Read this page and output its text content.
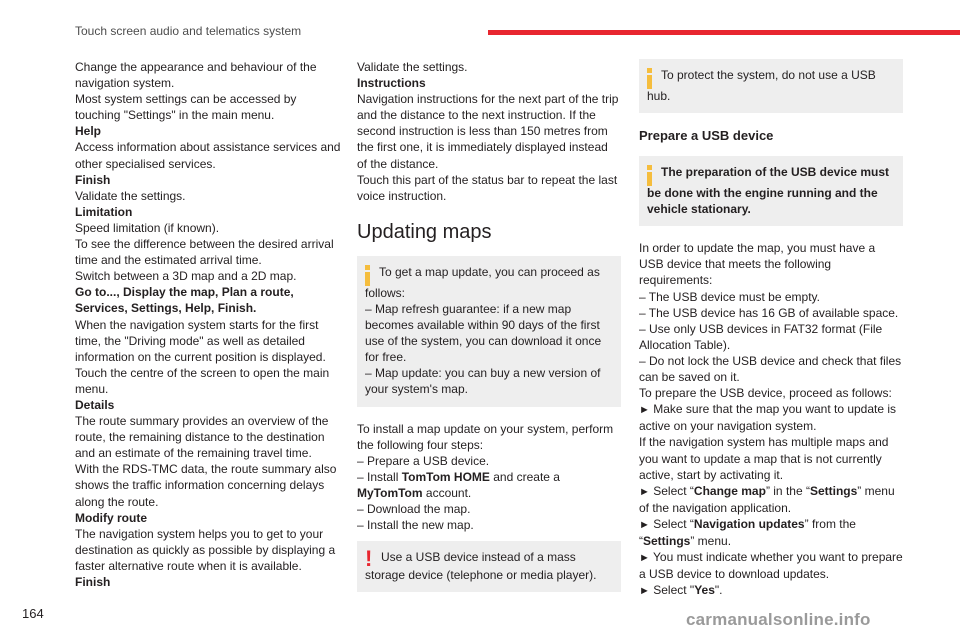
Touch screen audio and telematics system
Change the appearance and behaviour of the navigation system.
Most system settings can be accessed by touching "Settings" in the main menu.
Help
Access information about assistance services and other specialised services.
Finish
Validate the settings.
Limitation
Speed limitation (if known).
To see the difference between the desired arrival time and the estimated arrival time.
Switch between a 3D map and a 2D map.
Go to..., Display the map, Plan a route, Services, Settings, Help, Finish.
When the navigation system starts for the first time, the "Driving mode" as well as detailed information on the current position is displayed.
Touch the centre of the screen to open the main menu.
Details
The route summary provides an overview of the route, the remaining distance to the destination and an estimate of the remaining travel time.
With the RDS-TMC data, the route summary also shows the traffic information concerning delays along the route.
Modify route
The navigation system helps you to get to your destination as quickly as possible by displaying a faster alternative route when it is available.
Finish
Validate the settings.
Instructions
Navigation instructions for the next part of the trip and the distance to the next instruction. If the second instruction is less than 150 metres from the first one, it is immediately displayed instead of the distance.
Touch this part of the status bar to repeat the last voice instruction.
Updating maps
To get a map update, you can proceed as follows:
– Map refresh guarantee: if a new map becomes available within 90 days of the first use of the system, you can download it once for free.
– Map update: you can buy a new version of your system's map.
To install a map update on your system, perform the following four steps:
– Prepare a USB device.
– Install TomTom HOME and create a MyTomTom account.
– Download the map.
– Install the new map.
! Use a USB device instead of a mass storage device (telephone or media player).
To protect the system, do not use a USB hub.
Prepare a USB device
The preparation of the USB device must be done with the engine running and the vehicle stationary.
In order to update the map, you must have a USB device that meets the following requirements:
– The USB device must be empty.
– The USB device has 16 GB of available space.
– Use only USB devices in FAT32 format (File Allocation Table).
– Do not lock the USB device and check that files can be saved on it.
To prepare the USB device, proceed as follows:
► Make sure that the map you want to update is active on your navigation system.
If the navigation system has multiple maps and you want to update a map that is not currently active, start by activating it.
► Select “Change map” in the “Settings” menu of the navigation application.
► Select “Navigation updates” from the “Settings” menu.
► You must indicate whether you want to prepare a USB device to download updates.
► Select "Yes".
164	carmanualsonline.info
